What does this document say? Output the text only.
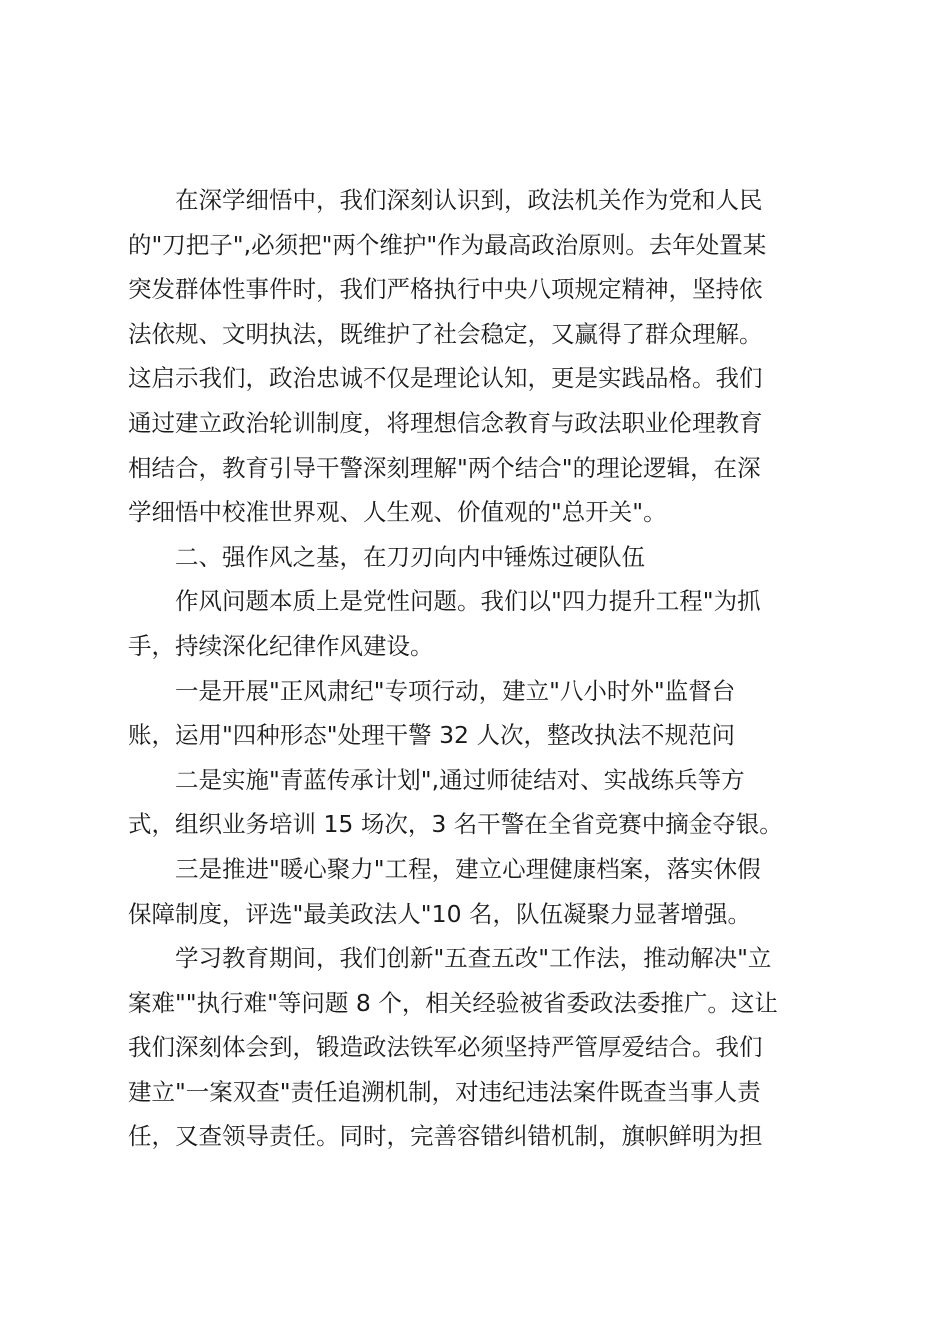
在深学细悟中，我们深刻认识到，政法机关作为党和人民
的"刀把子",必须把"两个维护"作为最高政治原则。去年处置某
突发群体性事件时，我们严格执行中央八项规定精神，坚持依
法依规、文明执法，既维护了社会稳定，又赢得了群众理解。
这启示我们，政治忠诚不仅是理论认知，更是实践品格。我们
通过建立政治轮训制度，将理想信念教育与政法职业伦理教育
相结合，教育引导干警深刻理解"两个结合"的理论逻辑，在深
学细悟中校准世界观、人生观、价值观的"总开关"。
二、强作风之基，在刀刃向内中锤炼过硬队伍
作风问题本质上是党性问题。我们以"四力提升工程"为抓
手，持续深化纪律作风建设。
一是开展"正风肃纪"专项行动，建立"八小时外"监督台
账，运用"四种形态"处理干警 32 人次，整改执法不规范问
二是实施"青蓝传承计划",通过师徒结对、实战练兵等方
式，组织业务培训 15 场次，3 名干警在全省竞赛中摘金夺银。
三是推进"暖心聚力"工程，建立心理健康档案，落实休假
保障制度，评选"最美政法人"10 名，队伍凝聚力显著增强。
学习教育期间，我们创新"五查五改"工作法，推动解决"立
案难""执行难"等问题 8 个，相关经验被省委政法委推广。这让
我们深刻体会到，锻造政法铁军必须坚持严管厚爱结合。我们
建立"一案双查"责任追溯机制，对违纪违法案件既查当事人责
任，又查领导责任。同时，完善容错纠错机制，旗帜鲜明为担
